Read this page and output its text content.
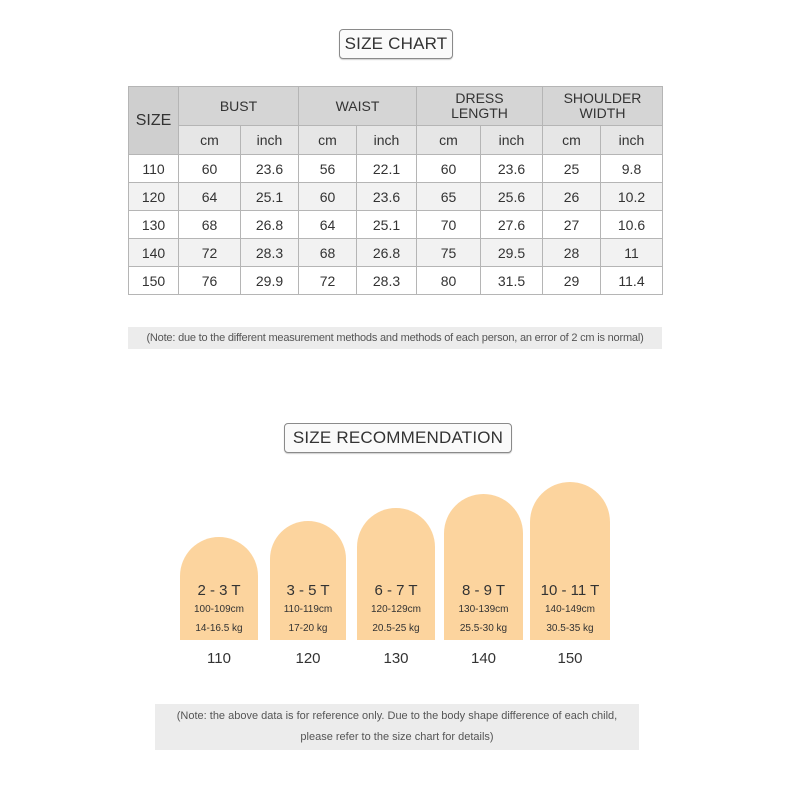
SIZE CHART
SIZE	BUST		WAIST		DRESS LENGTH		SHOULDER WIDTH	
	cm	inch	cm	inch	cm	inch	cm	inch
110	60	23.6	56	22.1	60	23.6	25	9.8
120	64	25.1	60	23.6	65	25.6	26	10.2
130	68	26.8	64	25.1	70	27.6	27	10.6
140	72	28.3	68	26.8	75	29.5	28	11
150	76	29.9	72	28.3	80	31.5	29	11.4
(Note: due to the different measurement methods and methods of each person, an error of 2 cm is normal)
SIZE RECOMMENDATION
2 - 3 T
100-109cm
14-16.5 kg
110
3 - 5 T
110-119cm
17-20 kg
120
6 - 7 T
120-129cm
20.5-25 kg
130
8 - 9 T
130-139cm
25.5-30 kg
140
10 - 11 T
140-149cm
30.5-35 kg
150
(Note: the above data is for reference only. Due to the body shape difference of each child,
please refer to the size chart for details)
